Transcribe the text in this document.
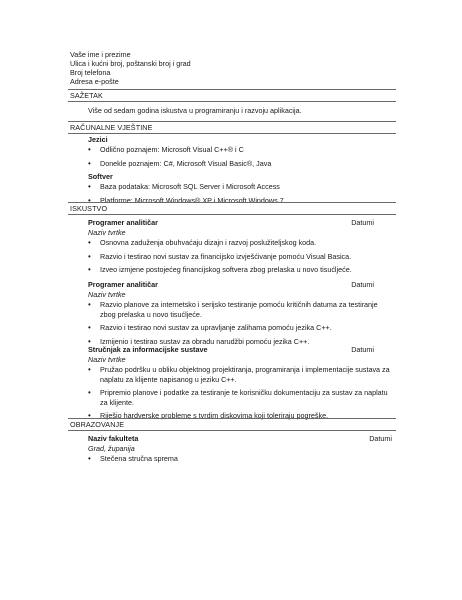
Vaše ime i prezime
Ulica i kućni broj, poštanski broj i grad
Broj telefona
Adresa e-pošte
SAŽETAK
Više od sedam godina iskustva u programiranju i razvoju aplikacija.
RAČUNALNE VJEŠTINE
Jezici
• Odlično poznajem: Microsoft Visual C++® i C
• Donekle poznajem: C#, Microsoft Visual Basic®, Java
Softver
• Baza podataka: Microsoft SQL Server i Microsoft Access
• Platforme: Microsoft Windows® XP i Microsoft Windows 7
ISKUSTVO
Programer analitičar	Datumi
Naziv tvrtke
• Osnovna zaduženja obuhvaćaju dizajn i razvoj poslužiteljskog koda.
• Razvio i testirao novi sustav za financijsko izvješćivanje pomoću Visual Basica.
• Izveo izmjene postojećeg financijskog softvera zbog prelaska u novo tisućljeće.
Programer analitičar	Datumi
Naziv tvrtke
• Razvio planove za internetsko i serijsko testiranje pomoću kritičnih datuma za testiranje zbog prelaska u novo tisućljeće.
• Razvio i testirao novi sustav za upravljanje zalihama pomoću jezika C++.
• Izmijenio i testirao sustav za obradu narudžbi pomoću jezika C++.
Stručnjak za informacijske sustave	Datumi
Naziv tvrtke
• Pružao podršku u obliku objektnog projektiranja, programiranja i implementacije sustava za naplatu za klijente napisanog u jeziku C++.
• Pripremio planove i podatke za testiranje te korisničku dokumentaciju za sustav za naplatu za klijente.
• Riješio hardverske probleme s tvrdim diskovima koji toleriraju pogreške.
OBRAZOVANJE
Naziv fakulteta	Datumi
Grad, županija
• Stečena stručna sprema
